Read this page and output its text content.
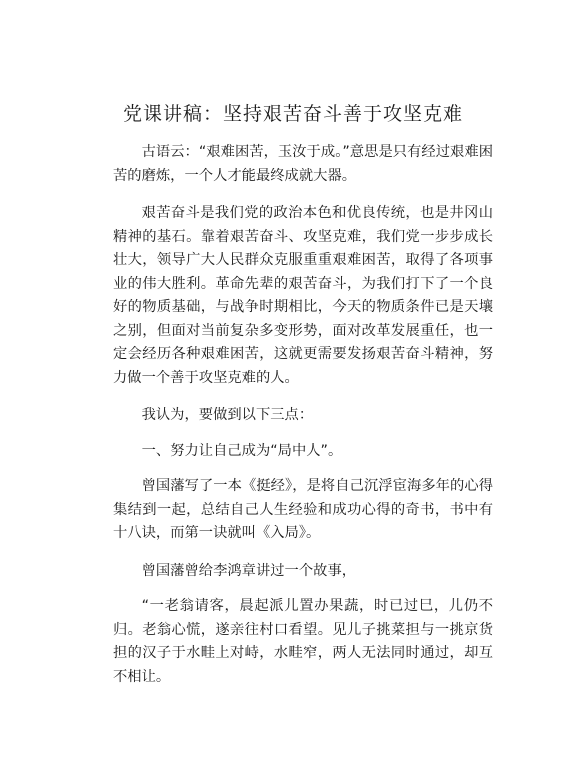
党课讲稿：坚持艰苦奋斗善于攻坚克难

古语云：“艰难困苦，玉汝于成。”意思是只有经过艰难困苦的磨炼，一个人才能最终成就大器。

艰苦奋斗是我们党的政治本色和优良传统，也是井冈山精神的基石。靠着艰苦奋斗、攻坚克难，我们党一步步成长壮大，领导广大人民群众克服重重艰难困苦，取得了各项事业的伟大胜利。革命先辈的艰苦奋斗，为我们打下了一个良好的物质基础，与战争时期相比，今天的物质条件已是天壤之别，但面对当前复杂多变形势，面对改革发展重任，也一定会经历各种艰难困苦，这就更需要发扬艰苦奋斗精神，努力做一个善于攻坚克难的人。

我认为，要做到以下三点：

一、努力让自己成为“局中人”。

曾国藩写了一本《挺经》，是将自己沉浮宦海多年的心得集结到一起，总结自己人生经验和成功心得的奇书，书中有十八诀，而第一诀就叫《入局》。

曾国藩曾给李鸿章讲过一个故事，

“一老翁请客，晨起派儿置办果蔬，时已过巳，儿仍不归。老翁心慌，遂亲往村口看望。见儿子挑菜担与一挑京货担的汉子于水畦上对峙，水畦窄，两人无法同时通过，却互不相让。
